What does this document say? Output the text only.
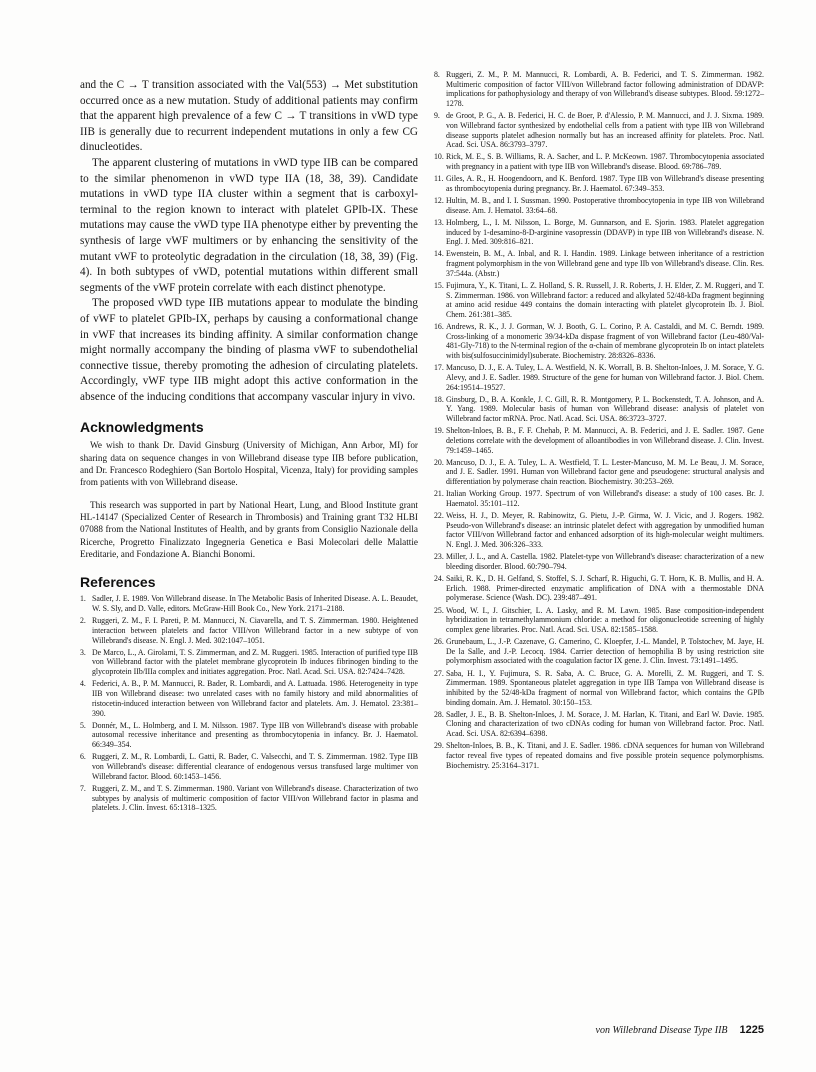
and the C → T transition associated with the Val(553) → Met substitution occurred once as a new mutation. Study of additional patients may confirm that the apparent high prevalence of a few C → T transitions in vWD type IIB is generally due to recurrent independent mutations in only a few CG dinucleotides.

The apparent clustering of mutations in vWD type IIB can be compared to the similar phenomenon in vWD type IIA (18, 38, 39). Candidate mutations in vWD type IIA cluster within a segment that is carboxyl-terminal to the region known to interact with platelet GPIb-IX. These mutations may cause the vWD type IIA phenotype either by preventing the synthesis of large vWF multimers or by enhancing the sensitivity of the mutant vWF to proteolytic degradation in the circulation (18, 38, 39) (Fig. 4). In both subtypes of vWD, potential mutations within different small segments of the vWF protein correlate with each distinct phenotype.

The proposed vWD type IIB mutations appear to modulate the binding of vWF to platelet GPIb-IX, perhaps by causing a conformational change in vWF that increases its binding affinity. A similar conformation change might normally accompany the binding of plasma vWF to subendothelial connective tissue, thereby promoting the adhesion of circulating platelets. Accordingly, vWF type IIB might adopt this active conformation in the absence of the inducing conditions that accompany vascular injury in vivo.

Acknowledgments

We wish to thank Dr. David Ginsburg (University of Michigan, Ann Arbor, MI) for sharing data on sequence changes in von Willebrand disease type IIB before publication, and Dr. Francesco Rodeghiero (San Bortolo Hospital, Vicenza, Italy) for providing samples from patients with von Willebrand disease.

This research was supported in part by National Heart, Lung, and Blood Institute grant HL-14147 (Specialized Center of Research in Thrombosis) and Training grant T32 HLBI 07088 from the National Institutes of Health, and by grants from Consiglio Nazionale della Ricerche, Progretto Finalizzato Ingegneria Genetica e Basi Molecolari delle Malattie Ereditarie, and Fondazione A. Bianchi Bonomi.

References
1. Sadler, J. E. 1989. Von Willebrand disease. In The Metabolic Basis of Inherited Disease. A. L. Beaudet, W. S. Sly, and D. Valle, editors. McGraw-Hill Book Co., New York. 2171–2188.
2. Ruggeri, Z. M., F. I. Pareti, P. M. Mannucci, N. Ciavarella, and T. S. Zimmerman. 1980. Heightened interaction between platelets and factor VIII/von Willebrand factor in a new subtype of von Willebrand's disease. N. Engl. J. Med. 302:1047–1051.
3. De Marco, L., A. Girolami, T. S. Zimmerman, and Z. M. Ruggeri. 1985. Interaction of purified type IIB von Willebrand factor with the platelet membrane glycoprotein Ib induces fibrinogen binding to the glycoprotein IIb/IIIa complex and initiates aggregation. Proc. Natl. Acad. Sci. USA. 82:7424–7428.
4. Federici, A. B., P. M. Mannucci, R. Bader, R. Lombardi, and A. Lattuada. 1986. Heterogeneity in type IIB von Willebrand disease: two unrelated cases with no family history and mild abnormalities of ristocetin-induced interaction between von Willebrand factor and platelets. Am. J. Hematol. 23:381–390.
5. Donnér, M., L. Holmberg, and I. M. Nilsson. 1987. Type IIB von Willebrand's disease with probable autosomal recessive inheritance and presenting as thrombocytopenia in infancy. Br. J. Haematol. 66:349–354.
6. Ruggeri, Z. M., R. Lombardi, L. Gatti, R. Bader, C. Valsecchi, and T. S. Zimmerman. 1982. Type IIB von Willebrand's disease: differential clearance of endogenous versus transfused large multimer von Willebrand factor. Blood. 60:1453–1456.
7. Ruggeri, Z. M., and T. S. Zimmerman. 1980. Variant von Willebrand's disease. Characterization of two subtypes by analysis of multimeric composition of factor VIII/von Willebrand factor in plasma and platelets. J. Clin. Invest. 65:1318–1325.
8. Ruggeri, Z. M., P. M. Mannucci, R. Lombardi, A. B. Federici, and T. S. Zimmerman. 1982. Multimeric composition of factor VIII/von Willebrand factor following administration of DDAVP: implications for pathophysiology and therapy of von Willebrand's disease subtypes. Blood. 59:1272–1278.
9. de Groot, P. G., A. B. Federici, H. C. de Boer, P. d'Alessio, P. M. Mannucci, and J. J. Sixma. 1989. von Willebrand factor synthesized by endothelial cells from a patient with type IIB von Willebrand disease supports platelet adhesion normally but has an increased affinity for platelets. Proc. Natl. Acad. Sci. USA. 86:3793–3797.
10. Rick, M. E., S. B. Williams, R. A. Sacher, and L. P. McKeown. 1987. Thrombocytopenia associated with pregnancy in a patient with type IIB von Willebrand's disease. Blood. 69:786–789.
11. Giles, A. R., H. Hoogendoorn, and K. Benford. 1987. Type IIB von Willebrand's disease presenting as thrombocytopenia during pregnancy. Br. J. Haematol. 67:349–353.
12. Hultin, M. B., and I. I. Sussman. 1990. Postoperative thrombocytopenia in type IIB von Willebrand disease. Am. J. Hematol. 33:64–68.
13. Holmberg, L., I. M. Nilsson, L. Borge, M. Gunnarson, and E. Sjorin. 1983. Platelet aggregation induced by 1-desamino-8-D-arginine vasopressin (DDAVP) in type IIB von Willebrand's disease. N. Engl. J. Med. 309:816–821.
14. Ewenstein, B. M., A. Inbal, and R. I. Handin. 1989. Linkage between inheritance of a restriction fragment polymorphism in the von Willebrand gene and type IIb von Willebrand's disease. Clin. Res. 37:544a. (Abstr.)
15. Fujimura, Y., K. Titani, L. Z. Holland, S. R. Russell, J. R. Roberts, J. H. Elder, Z. M. Ruggeri, and T. S. Zimmerman. 1986. von Willebrand factor: a reduced and alkylated 52/48-kDa fragment beginning at amino acid residue 449 contains the domain interacting with platelet glycoprotein Ib. J. Biol. Chem. 261:381–385.
16. Andrews, R. K., J. J. Gorman, W. J. Booth, G. L. Corino, P. A. Castaldi, and M. C. Berndt. 1989. Cross-linking of a monomeric 39/34-kDa dispase fragment of von Willebrand factor (Leu-480/Val-481-Gly-718) to the N-terminal region of the α-chain of membrane glycoprotein Ib on intact platelets with bis(sulfosuccinimidyl)suberate. Biochemistry. 28:8326–8336.
17. Mancuso, D. J., E. A. Tuley, L. A. Westfield, N. K. Worrall, B. B. Shelton-Inloes, J. M. Sorace, Y. G. Alevy, and J. E. Sadler. 1989. Structure of the gene for human von Willebrand factor. J. Biol. Chem. 264:19514–19527.
18. Ginsburg, D., B. A. Konkle, J. C. Gill, R. R. Montgomery, P. L. Bockenstedt, T. A. Johnson, and A. Y. Yang. 1989. Molecular basis of human von Willebrand disease: analysis of platelet von Willebrand factor mRNA. Proc. Natl. Acad. Sci. USA. 86:3723–3727.
19. Shelton-Inloes, B. B., F. F. Chehab, P. M. Mannucci, A. B. Federici, and J. E. Sadler. 1987. Gene deletions correlate with the development of alloantibodies in von Willebrand disease. J. Clin. Invest. 79:1459–1465.
20. Mancuso, D. J., E. A. Tuley, L. A. Westfield, T. L. Lester-Mancuso, M. M. Le Beau, J. M. Sorace, and J. E. Sadler. 1991. Human von Willebrand factor gene and pseudogene: structural analysis and differentiation by polymerase chain reaction. Biochemistry. 30:253–269.
21. Italian Working Group. 1977. Spectrum of von Willebrand's disease: a study of 100 cases. Br. J. Haematol. 35:101–112.
22. Weiss, H. J., D. Meyer, R. Rabinowitz, G. Pietu, J.-P. Girma, W. J. Vicic, and J. Rogers. 1982. Pseudo-von Willebrand's disease: an intrinsic platelet defect with aggregation by unmodified human factor VIII/von Willebrand factor and enhanced adsorption of its high-molecular weight multimers. N. Engl. J. Med. 306:326–333.
23. Miller, J. L., and A. Castella. 1982. Platelet-type von Willebrand's disease: characterization of a new bleeding disorder. Blood. 60:790–794.
24. Saiki, R. K., D. H. Gelfand, S. Stoffel, S. J. Scharf, R. Higuchi, G. T. Horn, K. B. Mullis, and H. A. Erlich. 1988. Primer-directed enzymatic amplification of DNA with a thermostable DNA polymerase. Science (Wash. DC). 239:487–491.
25. Wood, W. I., J. Gitschier, L. A. Lasky, and R. M. Lawn. 1985. Base composition-independent hybridization in tetramethylammonium chloride: a method for oligonucleotide screening of highly complex gene libraries. Proc. Natl. Acad. Sci. USA. 82:1585–1588.
26. Grunebaum, L., J.-P. Cazenave, G. Camerino, C. Kloepfer, J.-L. Mandel, P. Tolstochev, M. Jaye, H. De la Salle, and J.-P. Lecocq. 1984. Carrier detection of hemophilia B by using restriction site polymorphism associated with the coagulation factor IX gene. J. Clin. Invest. 73:1491–1495.
27. Saba, H. I., Y. Fujimura, S. R. Saba, A. C. Bruce, G. A. Morelli, Z. M. Ruggeri, and T. S. Zimmerman. 1989. Spontaneous platelet aggregation in type IIB Tampa von Willebrand disease is inhibited by the 52/48-kDa fragment of normal von Willebrand factor, which contains the GPIb binding domain. Am. J. Hematol. 30:150–153.
28. Sadler, J. E., B. B. Shelton-Inloes, J. M. Sorace, J. M. Harlan, K. Titani, and Earl W. Davie. 1985. Cloning and characterization of two cDNAs coding for human von Willebrand factor. Proc. Natl. Acad. Sci. USA. 82:6394–6398.
29. Shelton-Inloes, B. B., K. Titani, and J. E. Sadler. 1986. cDNA sequences for human von Willebrand factor reveal five types of repeated domains and five possible protein sequence polymorphisms. Biochemistry. 25:3164–3171.
von Willebrand Disease Type IIB 1225
